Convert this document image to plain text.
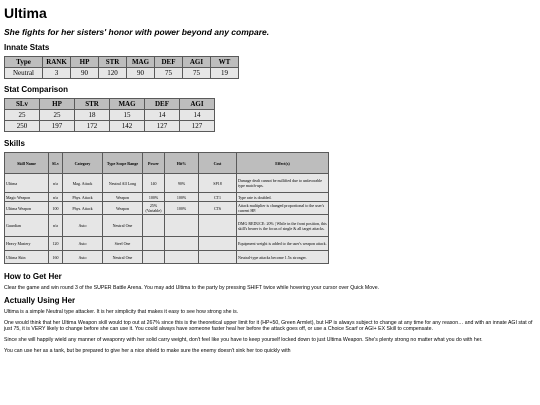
Ultima
She fights for her sisters' honor with power beyond any compare.
Innate Stats
Type	RANK	HP	STR	MAG	DEF	AGI	WT
Neutral	3	90	120	90	75	75	19
Stat Comparison
SLv	HP	STR	MAG	DEF	AGI
25	25	18	15	14	14
250	197	172	142	127	127
Skills
Skill Name	SLv	Category	Type Scope Range	Power	Hit%	Cost	Effect(s)
Ultima	n/a	Mag. Attack	Neutral All Long	140	90%	SP18	Damage dealt cannot be nullified due to unfavorable type match-ups.
Magic Weapon	n/a	Phys. Attack	Weapon	100%	100%	CT1	Type rate is doubled.
Ultima Weapon	100	Phys. Attack	Weapon	25% (Variable)	100%	CT6	Attack multiplier is changed proportional to the user's current HP.
Guardian	n/a	Auto	Neutral One				DMG REDUCE: 20% | While in the front position, this skill's bearer is the focus of single & all target attacks.
Heavy Mastery	120	Auto	Steel One				Equipment weight is added to the user's weapon attack.
Ultima Skin	160	Auto	Neutral One				Neutral-type attacks become 1.5x stronger.
How to Get Her

Clear the game and win round 3 of the SUPER Battle Arena. You may add Ultima to the party by pressing SHIFT twice while hovering your cursor over Quick Move.

Actually Using Her

Ultima is a simple Neutral type attacker. It is her simplicity that makes it easy to see how strong she is.

One would think that her Ultima Weapon skill would top out at 267% since this is the theoretical upper limit for it (HP+50, Green Armlet), but HP is always subject to change at any time for any reason… and with an innate AGI stat of just 75, it is VERY likely to change before she can use it. You could always have someone faster heal her before the attack goes off, or use a Choice Scarf or AGI+ EX Skill to compensate.

Since she will happily wield any manner of weaponry with her solid carry weight, don't feel like you have to keep yourself locked down to just Ultima Weapon. She's plenty strong no matter what you do with her.

You can use her as a tank, but be prepared to give her a nice shield to make sure the enemy doesn't sink her too quickly with
